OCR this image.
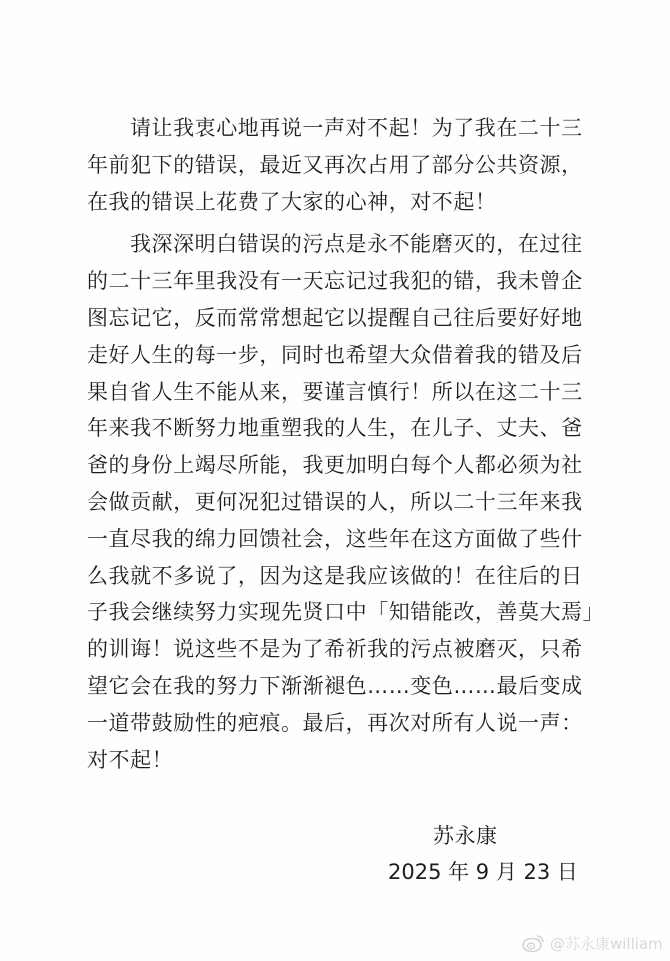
请让我衷心地再说一声对不起！为了我在二十三
年前犯下的错误，最近又再次占用了部分公共资源，
在我的错误上花费了大家的心神，对不起！

我深深明白错误的污点是永不能磨灭的，在过往
的二十三年里我没有一天忘记过我犯的错，我未曾企
图忘记它，反而常常想起它以提醒自己往后要好好地
走好人生的每一步，同时也希望大众借着我的错及后
果自省人生不能从来，要谨言慎行！所以在这二十三
年来我不断努力地重塑我的人生，在儿子、丈夫、爸
爸的身份上竭尽所能，我更加明白每个人都必须为社
会做贡献，更何况犯过错误的人，所以二十三年来我
一直尽我的绵力回馈社会，这些年在这方面做了些什
么我就不多说了，因为这是我应该做的！在往后的日
子我会继续努力实现先贤口中「知错能改，善莫大焉」
的训诲！说这些不是为了希祈我的污点被磨灭，只希
望它会在我的努力下渐渐褪色……变色……最后变成
一道带鼓励性的疤痕。最后，再次对所有人说一声：
对不起！

苏永康
2025 年 9 月 23 日
@苏永康william
